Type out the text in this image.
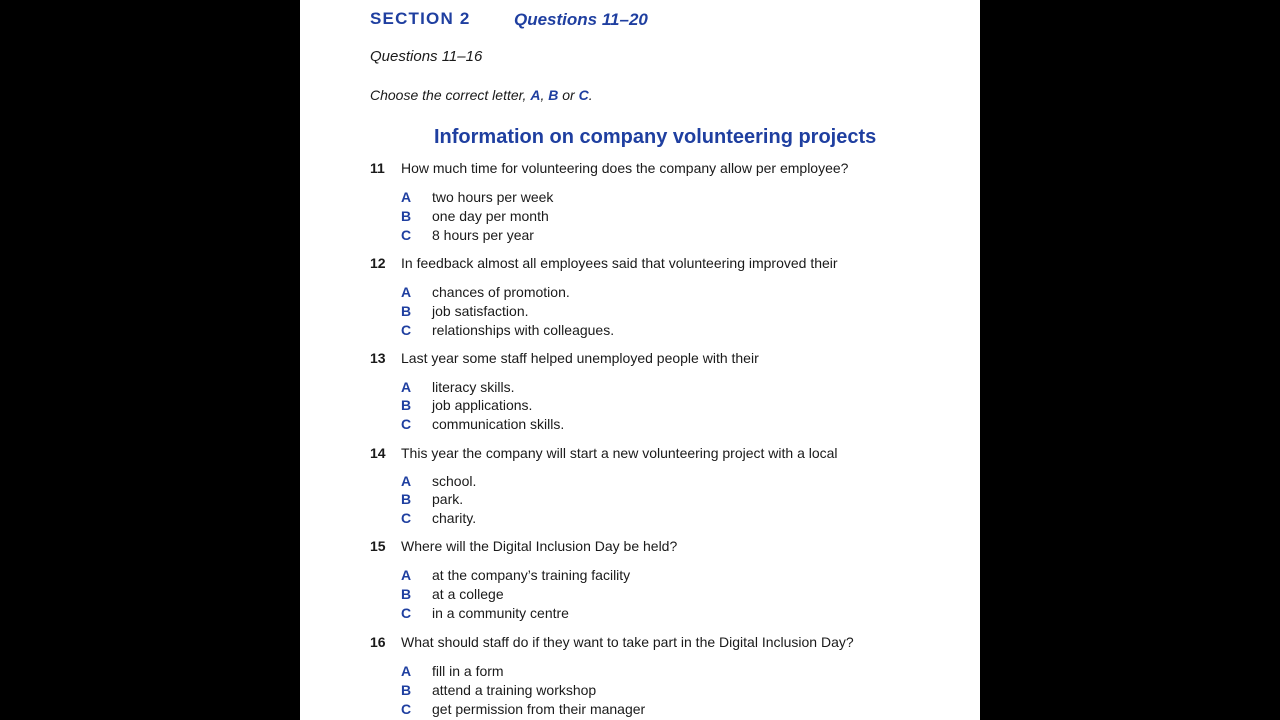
SECTION 2	Questions 11–20
Questions 11–16
Choose the correct letter, A, B or C.
Information on company volunteering projects
11 How much time for volunteering does the company allow per employee?
A two hours per week
B one day per month
C 8 hours per year
12 In feedback almost all employees said that volunteering improved their
A chances of promotion.
B job satisfaction.
C relationships with colleagues.
13 Last year some staff helped unemployed people with their
A literacy skills.
B job applications.
C communication skills.
14 This year the company will start a new volunteering project with a local
A school.
B park.
C charity.
15 Where will the Digital Inclusion Day be held?
A at the company’s training facility
B at a college
C in a community centre
16 What should staff do if they want to take part in the Digital Inclusion Day?
A fill in a form
B attend a training workshop
C get permission from their manager
